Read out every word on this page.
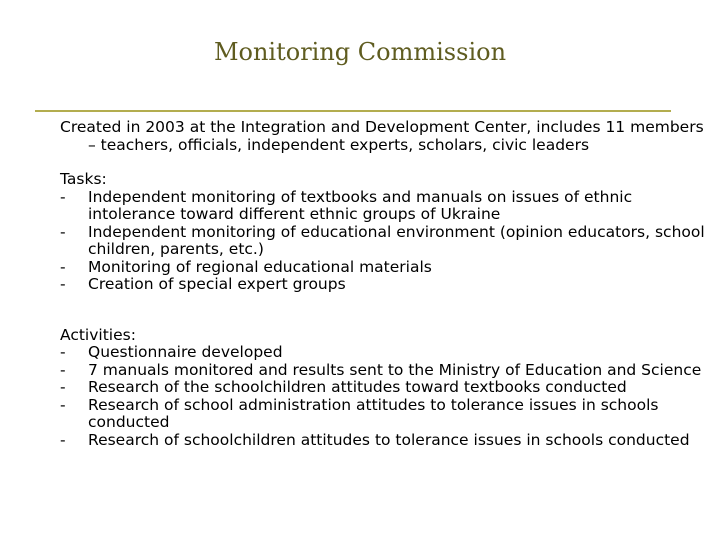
Monitoring Commission

Created in 2003 at the Integration and Development Center, includes 11 members – teachers, officials, independent experts, scholars, civic leaders

Tasks:

- Independent monitoring of textbooks and manuals on issues of ethnic intolerance toward different ethnic groups of Ukraine
- Independent monitoring of educational environment (opinion educators, school children, parents, etc.)
- Monitoring of regional educational materials
- Creation of special expert groups

Activities:

- Questionnaire developed
- 7 manuals monitored and results sent to the Ministry of Education and Science
- Research of the schoolchildren attitudes toward textbooks conducted
- Research of school administration attitudes to tolerance issues in schools conducted
- Research of schoolchildren attitudes to tolerance issues in schools conducted
